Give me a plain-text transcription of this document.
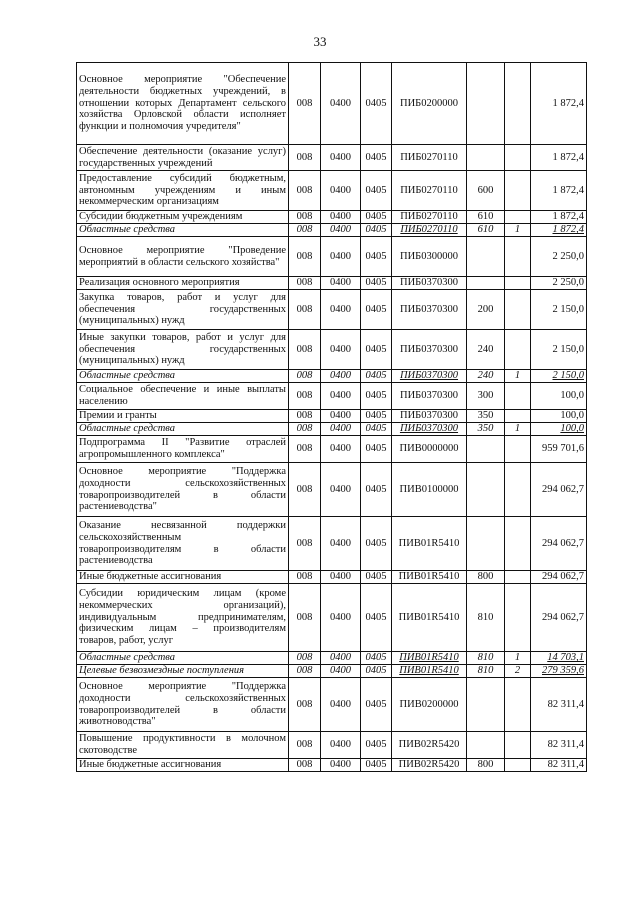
33
Основное мероприятие "Обеспечение деятельности бюджетных учреждений, в отношении которых Департамент сельского хозяйства Орловской области исполняет функции и полномочия учредителя"	008	0400	0405	ПИБ0200000			1 872,4
Обеспечение деятельности (оказание услуг) государственных учреждений	008	0400	0405	ПИБ0270110			1 872,4
Предоставление субсидий бюджетным, автономным учреждениям и иным некоммерческим организациям	008	0400	0405	ПИБ0270110	600		1 872,4
Субсидии бюджетным учреждениям	008	0400	0405	ПИБ0270110	610		1 872,4
Областные средства	008	0400	0405	ПИБ0270110	610	1	1 872,4
Основное мероприятие "Проведение мероприятий в области сельского хозяйства"	008	0400	0405	ПИБ0300000			2 250,0
Реализация основного мероприятия	008	0400	0405	ПИБ0370300			2 250,0
Закупка товаров, работ и услуг для обеспечения государственных (муниципальных) нужд	008	0400	0405	ПИБ0370300	200		2 150,0
Иные закупки товаров, работ и услуг для обеспечения государственных (муниципальных) нужд	008	0400	0405	ПИБ0370300	240		2 150,0
Областные средства	008	0400	0405	ПИБ0370300	240	1	2 150,0
Социальное обеспечение и иные выплаты населению	008	0400	0405	ПИБ0370300	300		100,0
Премии и гранты	008	0400	0405	ПИБ0370300	350		100,0
Областные средства	008	0400	0405	ПИБ0370300	350	1	100,0
Подпрограмма II "Развитие отраслей агропромышленного комплекса"	008	0400	0405	ПИВ0000000			959 701,6
Основное мероприятие "Поддержка доходности сельскохозяйственных товаропроизводителей в области растениеводства"	008	0400	0405	ПИВ0100000			294 062,7
Оказание несвязанной поддержки сельскохозяйственным товаропроизводителям в области растениеводства	008	0400	0405	ПИВ01R5410			294 062,7
Иные бюджетные ассигнования	008	0400	0405	ПИВ01R5410	800		294 062,7
Субсидии юридическим лицам (кроме некоммерческих организаций), индивидуальным предпринимателям, физическим лицам – производителям товаров, работ, услуг	008	0400	0405	ПИВ01R5410	810		294 062,7
Областные средства	008	0400	0405	ПИВ01R5410	810	1	14 703,1
Целевые безвозмездные поступления	008	0400	0405	ПИВ01R5410	810	2	279 359,6
Основное мероприятие "Поддержка доходности сельскохозяйственных товаропроизводителей в области животноводства"	008	0400	0405	ПИВ0200000			82 311,4
Повышение продуктивности в молочном скотоводстве	008	0400	0405	ПИВ02R5420			82 311,4
Иные бюджетные ассигнования	008	0400	0405	ПИВ02R5420	800		82 311,4
